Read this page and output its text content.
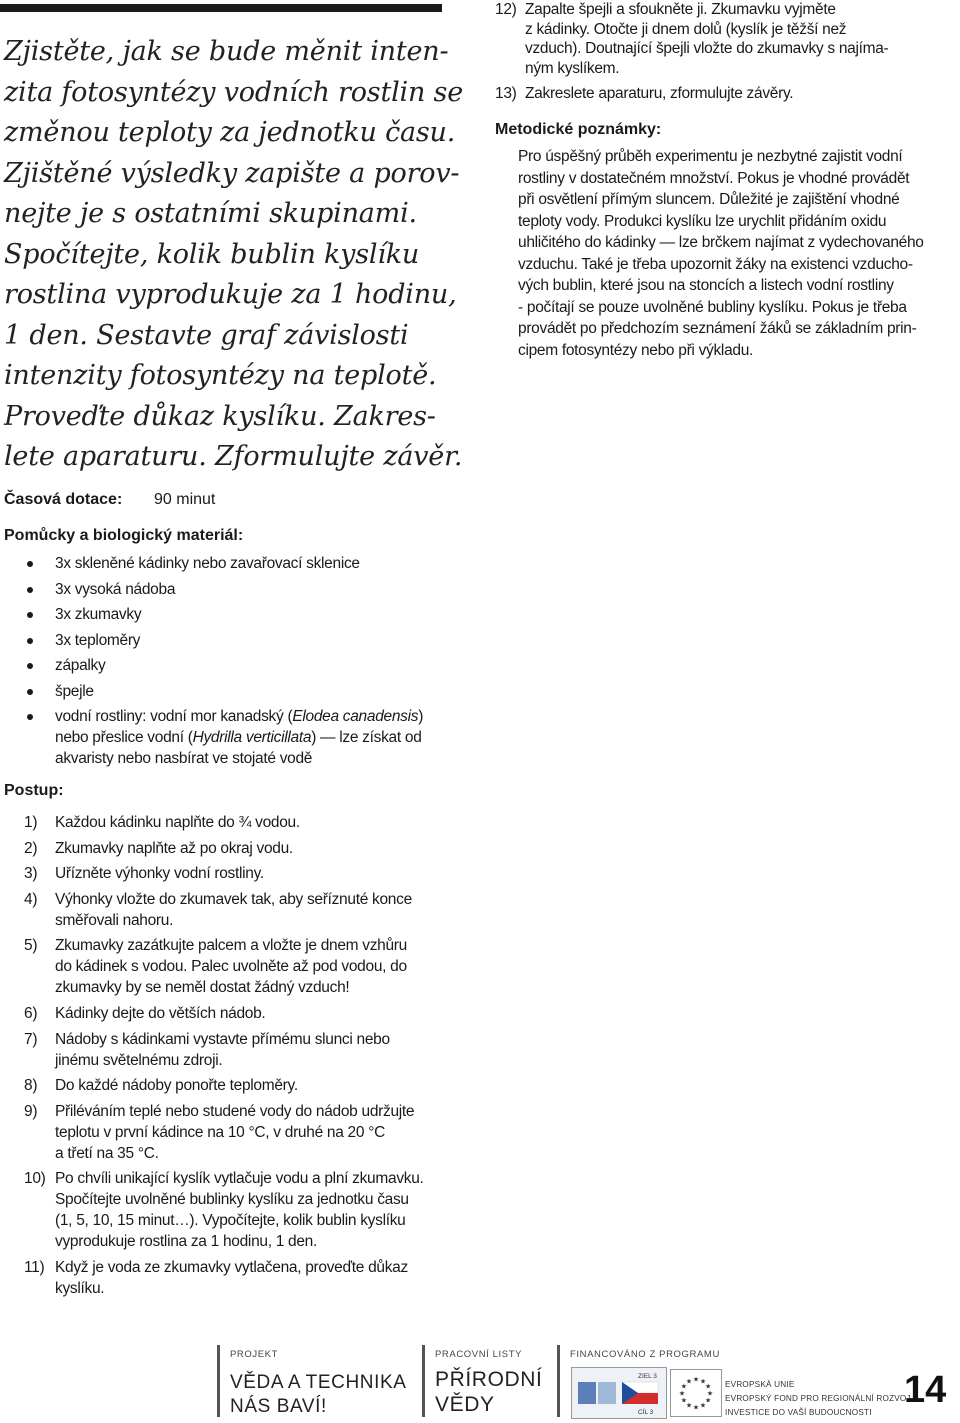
Zjistěte, jak se bude měnit inten-
zita fotosyntézy vodních rostlin se
změnou teploty za jednotku času.
Zjištěné výsledky zapište a porov-
nejte je s ostatními skupinami.
Spočítejte, kolik bublin kyslíku
rostlina vyprodukuje za 1 hodinu,
1 den. Sestavte graf závislosti
intenzity fotosyntézy na teplotě.
Proveďte důkaz kyslíku. Zakres-
lete aparaturu. Zformulujte závěr.
Časová dotace: 90 minut
Pomůcky a biologický materiál:
3x skleněné kádinky nebo zavařovací sklenice
3x vysoká nádoba
3x zkumavky
3x teploměry
zápalky
špejle
vodní rostliny: vodní mor kanadský (Elodea canadensis)
nebo přeslice vodní (Hydrilla verticillata) — lze získat od
akvaristy nebo nasbírat ve stojaté vodě
Postup:
1) Každou kádinku naplňte do ¾ vodou.
2) Zkumavky naplňte až po okraj vodu.
3) Uřízněte výhonky vodní rostliny.
4) Výhonky vložte do zkumavek tak, aby seříznuté konce
směřovali nahoru.
5) Zkumavky zazátkujte palcem a vložte je dnem vzhůru
do kádinek s vodou. Palec uvolněte až pod vodou, do
zkumavky by se neměl dostat žádný vzduch!
6) Kádinky dejte do větších nádob.
7) Nádoby s kádinkami vystavte přímému slunci nebo
jinému světelnému zdroji.
8) Do každé nádoby ponořte teploměry.
9) Přiléváním teplé nebo studené vody do nádob udržujte
teplotu v první kádince na 10 °C, v druhé na 20 °C
a třetí na 35 °C.
10) Po chvíli unikající kyslík vytlačuje vodu a plní zkumavku.
Spočítejte uvolněné bublinky kyslíku za jednotku času
(1, 5, 10, 15 minut…). Vypočítejte, kolik bublin kyslíku
vyprodukuje rostlina za 1 hodinu, 1 den.
11) Když je voda ze zkumavky vytlačena, proveďte důkaz
kyslíku.
12) Zapalte špejli a sfoukněte ji. Zkumavku vyjměte
z kádinky. Otočte ji dnem dolů (kyslík je těžší než
vzduch). Doutnající špejli vložte do zkumavky s najíma-
ným kyslíkem.
13) Zakreslete aparaturu, zformulujte závěry.
Metodické poznámky:
Pro úspěšný průběh experimentu je nezbytné zajistit vodní
rostliny v dostatečném množství. Pokus je vhodné provádět
při osvětlení přímým sluncem. Důležité je zajištění vhodné
teploty vody. Produkci kyslíku lze urychlit přidáním oxidu
uhličitého do kádinky — lze brčkem najímat z vydechovaného
vzduchu. Také je třeba upozornit žáky na existenci vzducho-
vých bublin, které jsou na stoncích a listech vodní rostliny
- počítají se pouze uvolněné bubliny kyslíku. Pokus je třeba
provádět po předchozím seznámení žáků se základním prin-
cipem fotosyntézy nebo při výkladu.
PROJEKT
VĚDA A TECHNIKA
NÁS BAVÍ!
PRACOVNÍ LISTY
PŘÍRODNÍ
VĚDY
FINANCOVÁNO Z PROGRAMU
ZIEL 3
CÍL 3
★ ★
★
★
★
★
★
★
★
★
★
★	EVROPSKÁ UNIE
EVROPSKÝ FOND PRO REGIONÁLNÍ ROZVOJ
INVESTICE DO VAŠÍ BUDOUCNOSTI
14
